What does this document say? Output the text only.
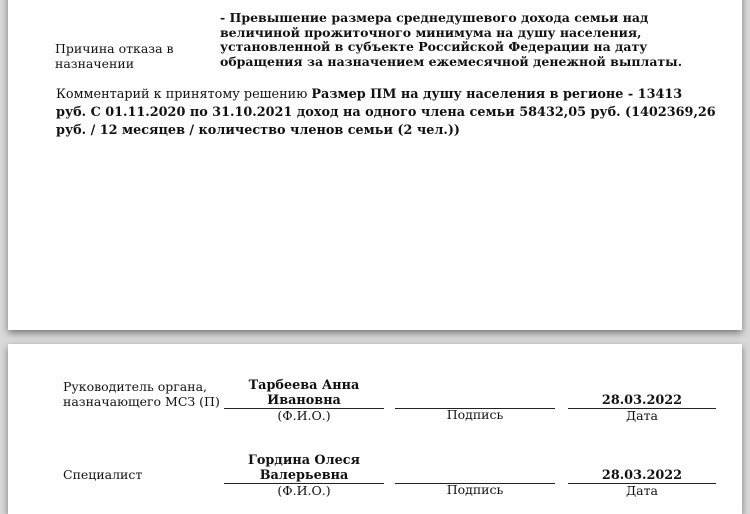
Причина отказа в назначении
- Превышение размера среднедушевого дохода семьи над величиной прожиточного минимума на душу населения, установленной в субъекте Российской Федерации на дату обращения за назначением ежемесячной денежной выплаты.
Комментарий к принятому решению Размер ПМ на душу населения в регионе - 13413 руб. С 01.11.2020 по 31.10.2021 доход на одного члена семьи 58432,05 руб. (1402369,26 руб. / 12 месяцев / количество членов семьи (2 чел.))
Руководитель органа, назначающего МСЗ (П)
Тарбеева Анна Ивановна
(Ф.И.О.)	Подпись
28.03.2022
Дата
Специалист
Гордина Олеся Валерьевна
(Ф.И.О.)	Подпись
28.03.2022
Дата
